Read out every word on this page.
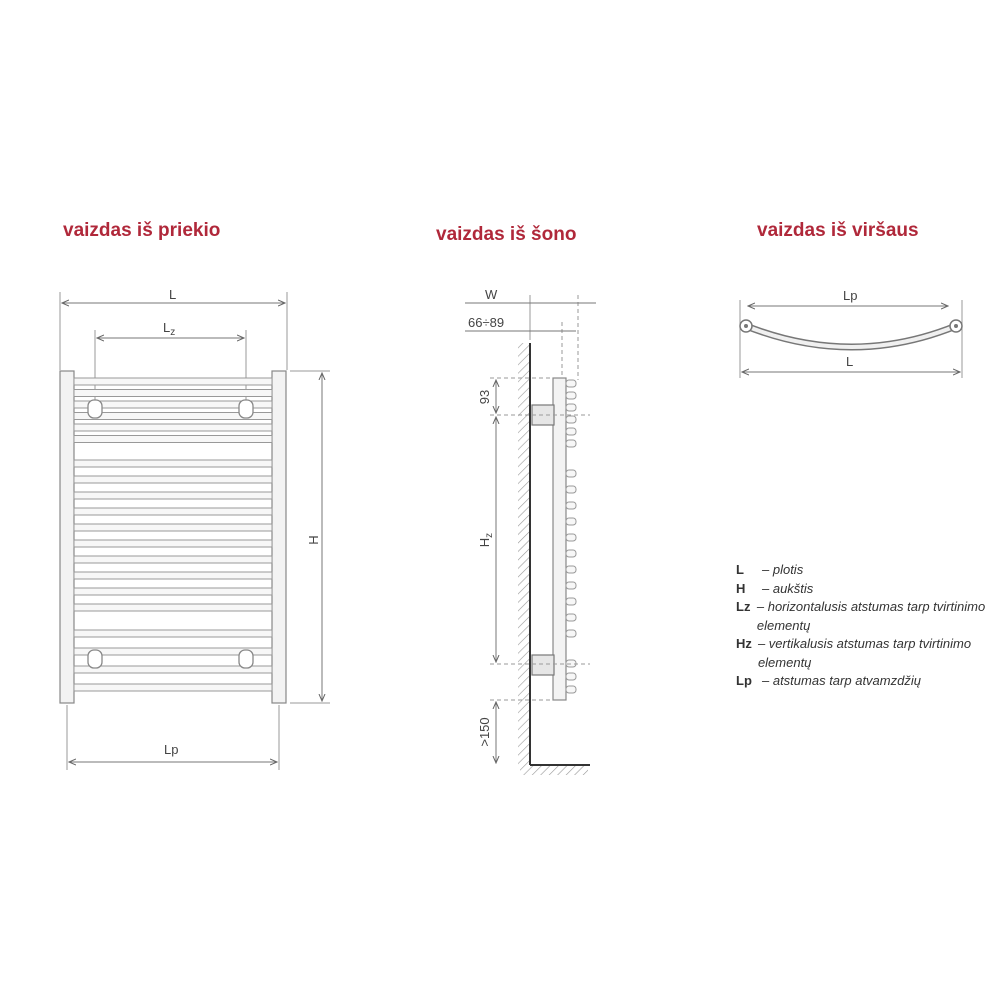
vaizdas iš priekio	vaizdas iš šono	vaizdas iš viršaus
L
$L_z$
H
Lp
W
66÷89
93
$H_z$
>150
Lp
L
L	– plotis
H	– aukštis
Lz – horizontalusis atstumas tarp tvirtinimo elementų
Hz – vertikalusis atstumas tarp tvirtinimo elementų
Lp – atstumas tarp atvamzdžių
